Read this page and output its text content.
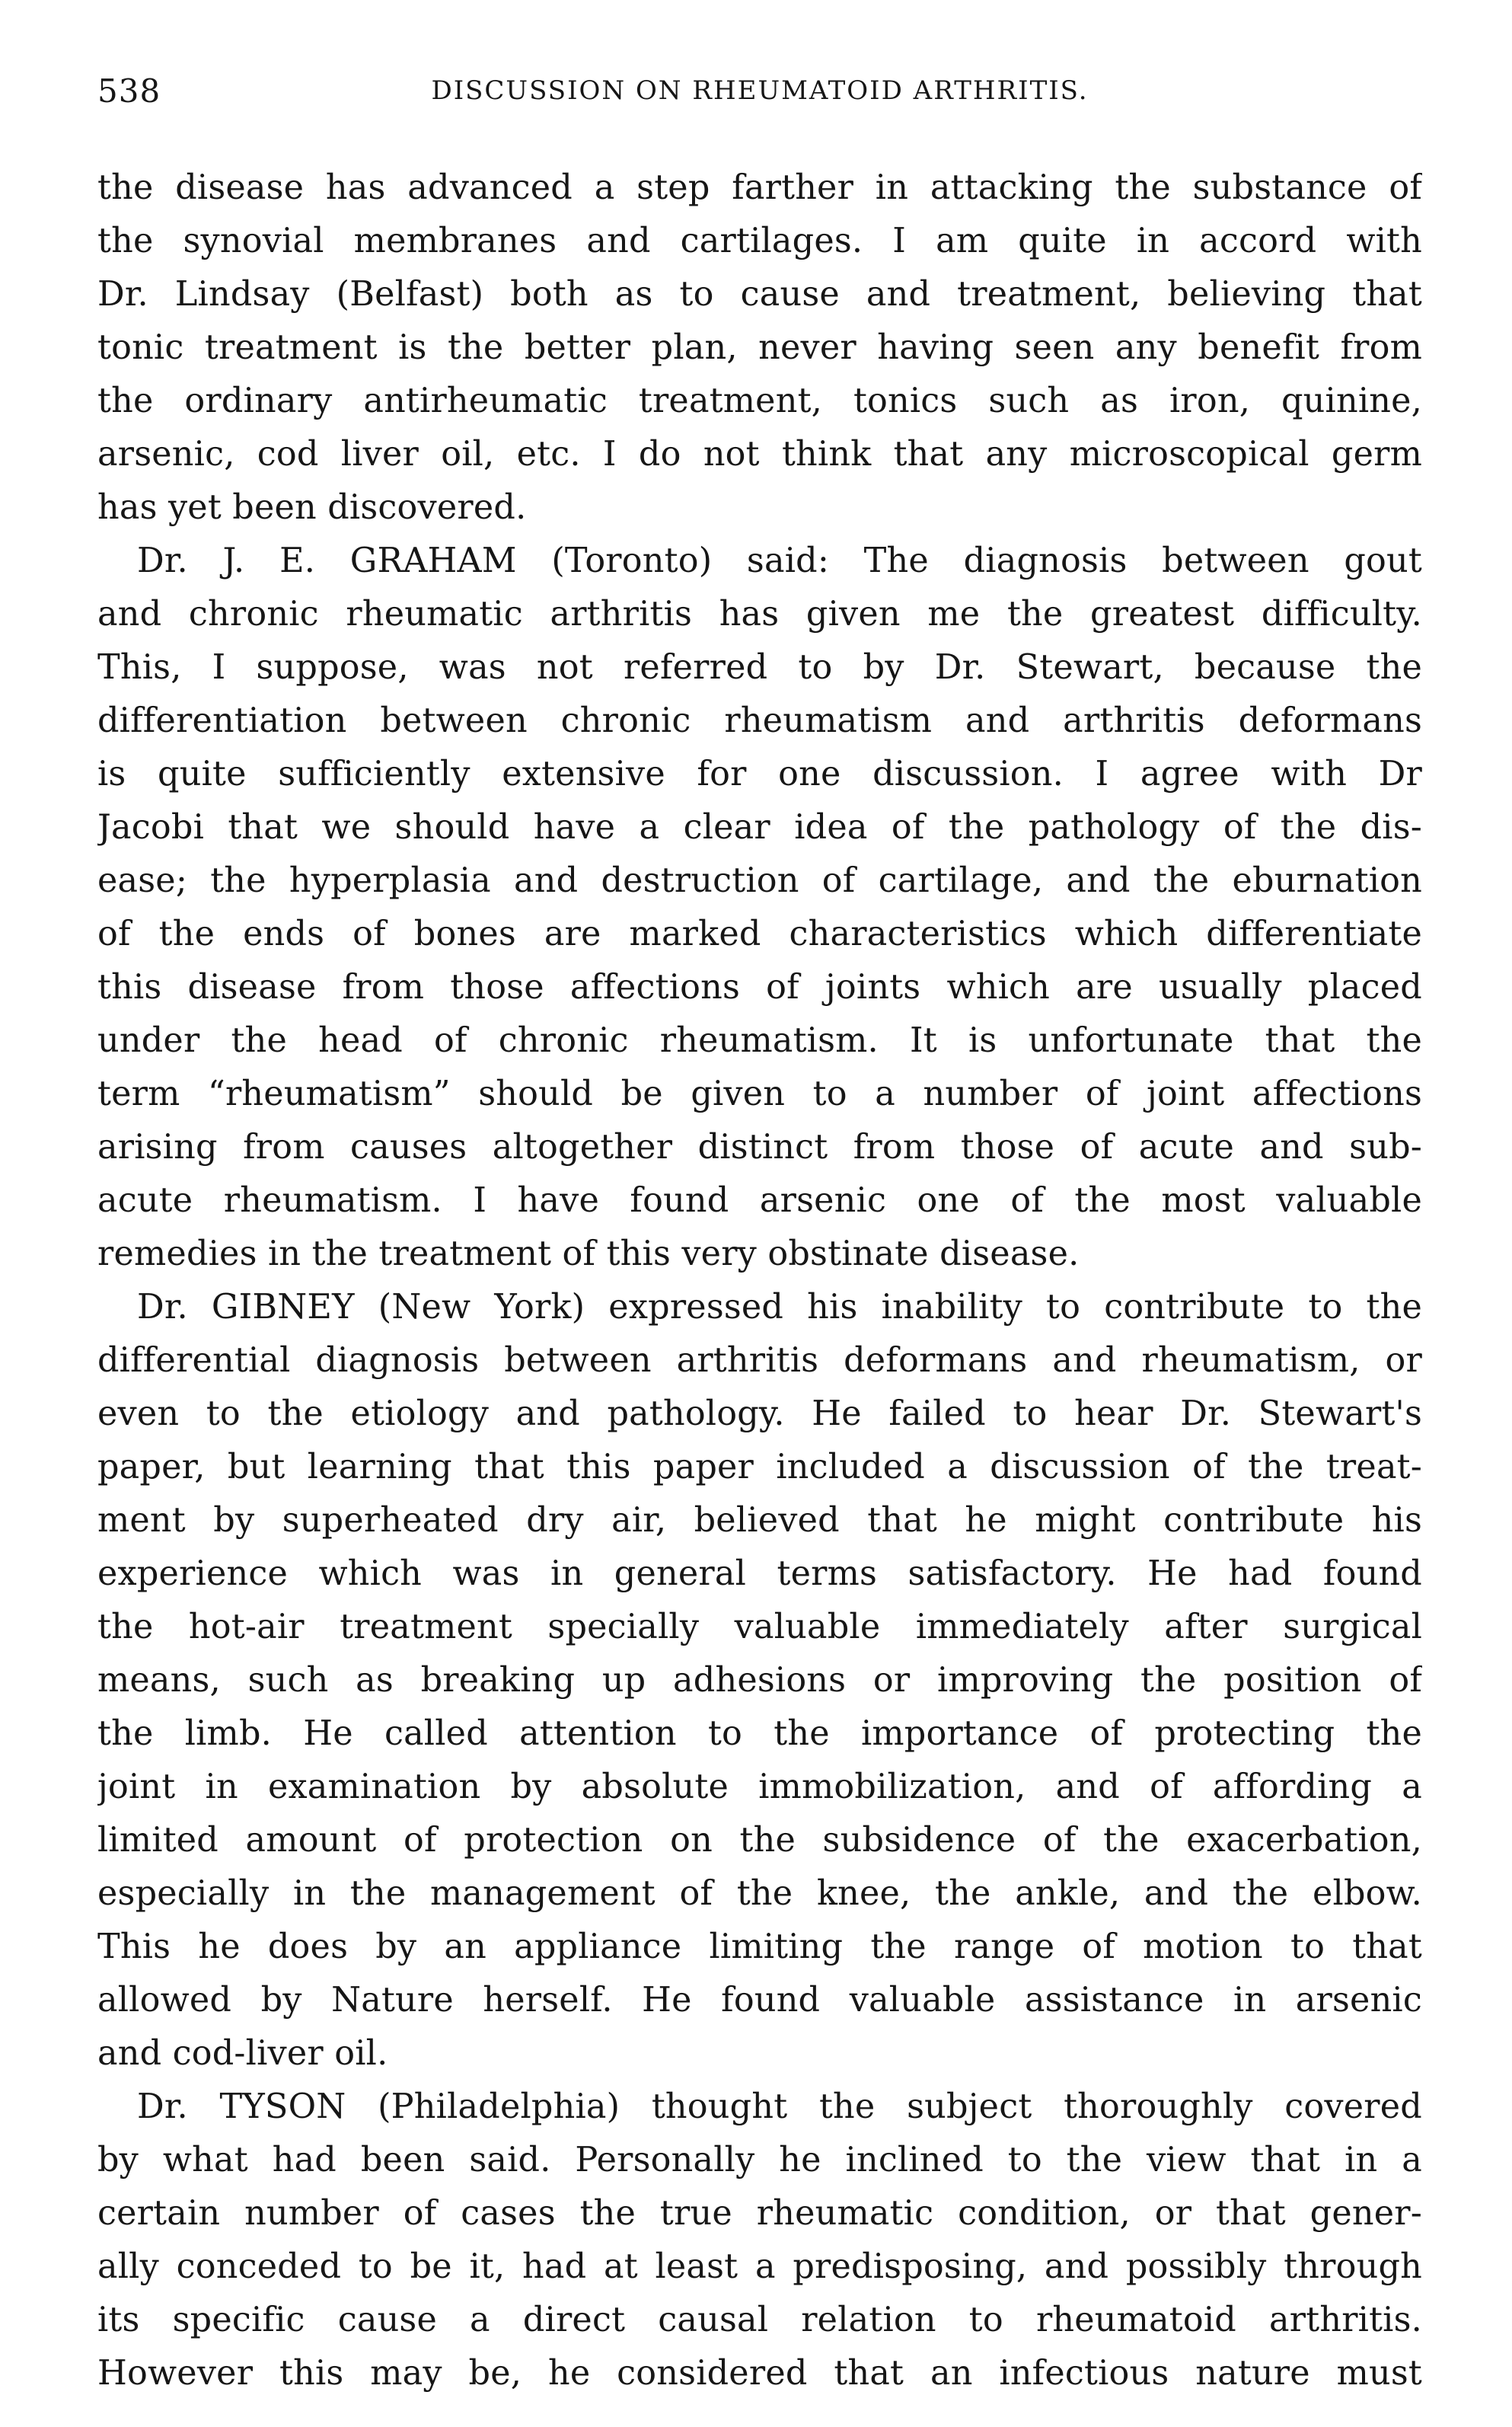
538	DISCUSSION ON RHEUMATOID ARTHRITIS.
the disease has advanced a step farther in attacking the substance of
the synovial membranes and cartilages. I am quite in accord with
Dr. Lindsay (Belfast) both as to cause and treatment, believing that
tonic treatment is the better plan, never having seen any benefit from
the ordinary antirheumatic treatment, tonics such as iron, quinine,
arsenic, cod liver oil, etc. I do not think that any microscopical germ
has yet been discovered.
Dr. J. E. GRAHAM (Toronto) said: The diagnosis between gout
and chronic rheumatic arthritis has given me the greatest difficulty.
This, I suppose, was not referred to by Dr. Stewart, because the
differentiation between chronic rheumatism and arthritis deformans
is quite sufficiently extensive for one discussion. I agree with Dr
Jacobi that we should have a clear idea of the pathology of the dis-
ease; the hyperplasia and destruction of cartilage, and the eburnation
of the ends of bones are marked characteristics which differentiate
this disease from those affections of joints which are usually placed
under the head of chronic rheumatism. It is unfortunate that the
term “rheumatism” should be given to a number of joint affections
arising from causes altogether distinct from those of acute and sub-
acute rheumatism. I have found arsenic one of the most valuable
remedies in the treatment of this very obstinate disease.
Dr. GIBNEY (New York) expressed his inability to contribute to the
differential diagnosis between arthritis deformans and rheumatism, or
even to the etiology and pathology. He failed to hear Dr. Stewart's
paper, but learning that this paper included a discussion of the treat-
ment by superheated dry air, believed that he might contribute his
experience which was in general terms satisfactory. He had found
the hot-air treatment specially valuable immediately after surgical
means, such as breaking up adhesions or improving the position of
the limb. He called attention to the importance of protecting the
joint in examination by absolute immobilization, and of affording a
limited amount of protection on the subsidence of the exacerbation,
especially in the management of the knee, the ankle, and the elbow.
This he does by an appliance limiting the range of motion to that
allowed by Nature herself. He found valuable assistance in arsenic
and cod-liver oil.
Dr. TYSON (Philadelphia) thought the subject thoroughly covered
by what had been said. Personally he inclined to the view that in a
certain number of cases the true rheumatic condition, or that gener-
ally conceded to be it, had at least a predisposing, and possibly through
its specific cause a direct causal relation to rheumatoid arthritis.
However this may be, he considered that an infectious nature must
